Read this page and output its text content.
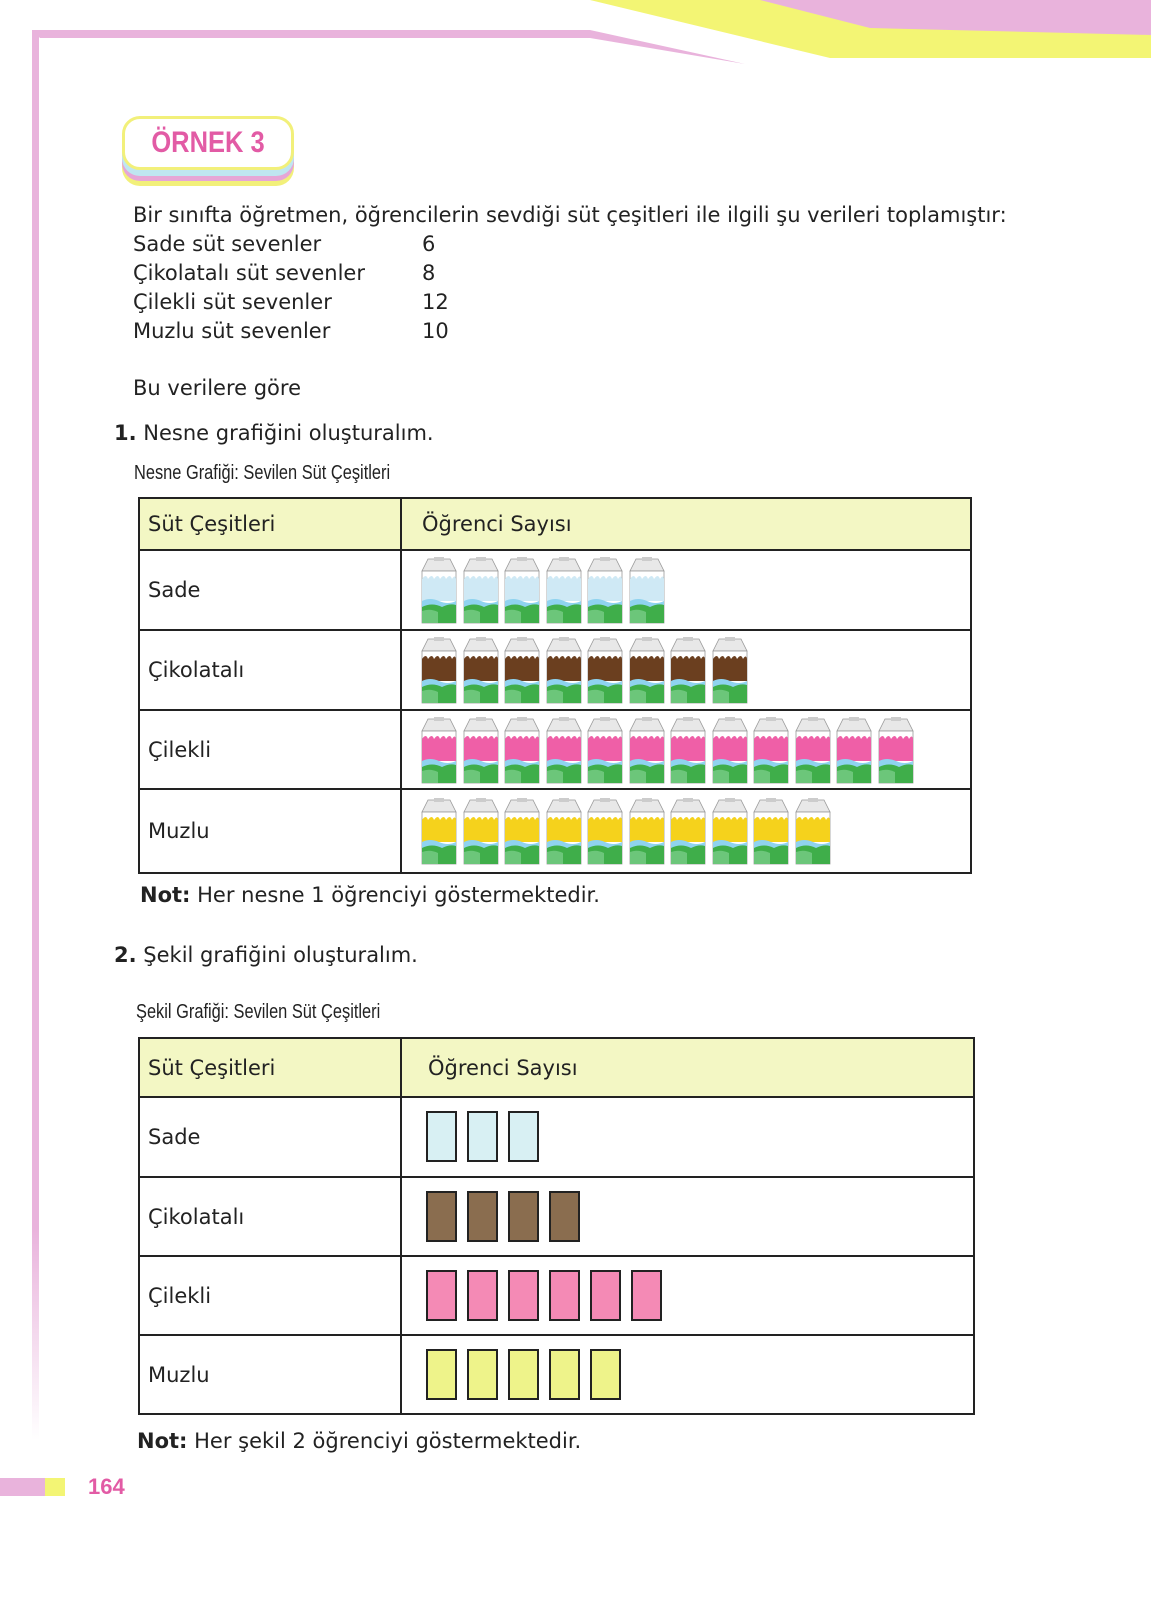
ÖRNEK 3
Bir sınıfta öğretmen, öğrencilerin sevdiği süt çeşitleri ile ilgili şu verileri toplamıştır:
Sade süt sevenler	6
Çikolatalı süt sevenler	8
Çilekli süt sevenler	12
Muzlu süt sevenler	10
Bu verilere göre
1. Nesne grafiğini oluşturalım.
Nesne Grafiği: Sevilen Süt Çeşitleri
Süt Çeşitleri	Öğrenci Sayısı
Sade	

Çikolatalı	

Çilekli	

Muzlu	
Not: Her nesne 1 öğrenciyi göstermektedir.
2. Şekil grafiğini oluşturalım.
Şekil Grafiği: Sevilen Süt Çeşitleri
Süt Çeşitleri	Öğrenci Sayısı
Sade	

Çikolatalı	

Çilekli	

Muzlu	
Not: Her şekil 2 öğrenciyi göstermektedir.
164
